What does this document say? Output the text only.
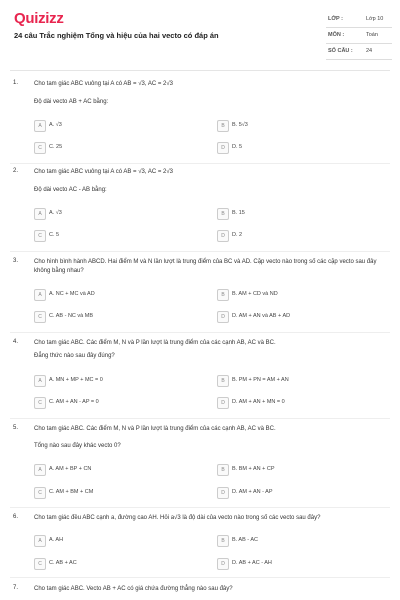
Quizizz
24 câu Trắc nghiệm Tổng và hiệu của hai vecto có đáp án
LỚP :	Lớp 10
MÔN :	Toán
SỐ CÂU : 24
1.	Cho tam giác ABC vuông tại A có AB = √3, AC = 2√3
Độ dài vecto AB + AC bằng:
A	A. √3	B	B. 5√3
C	C. 25	D	D. 5
2.	Cho tam giác ABC vuông tại A có AB = √3, AC = 2√3
Độ dài vecto AC - AB bằng:
A	A. √3	B	B. 15
C	C. 5	D	D. 2
3.	Cho hình bình hành ABCD. Hai điểm M và N lần lượt là trung điểm của BC và AD. Cặp vecto nào trong số các cặp vecto sau đây không bằng nhau?
A	A. NC + MC và AD	B	B. AM + CD và ND
C	C. AB - NC và MB	D	D. AM + AN và AB + AD
4.	Cho tam giác ABC. Các điểm M, N và P lần lượt là trung điểm của các cạnh AB, AC và BC.
Đẳng thức nào sau đây đúng?
A	A. MN + MP + MC = 0	B	B. PM + PN = AM + AN
C	C. AM + AN - AP = 0	D	D. AM + AN + MN = 0
5.	Cho tam giác ABC. Các điểm M, N và P lần lượt là trung điểm của các cạnh AB, AC và BC.
Tổng nào sau đây khác vecto 0?
A	A. AM + BP + CN	B	B. BM + AN + CP
C	C. AM + BM + CM	D	D. AM + AN - AP
6.	Cho tam giác đều ABC cạnh a, đường cao AH. Hỏi a√3 là độ dài của vecto nào trong số các vecto sau đây?
A	A. AH	B	B. AB - AC
C	C. AB + AC	D	D. AB + AC - AH
7.	Cho tam giác ABC. Vecto AB + AC có giá chứa đường thẳng nào sau đây?
